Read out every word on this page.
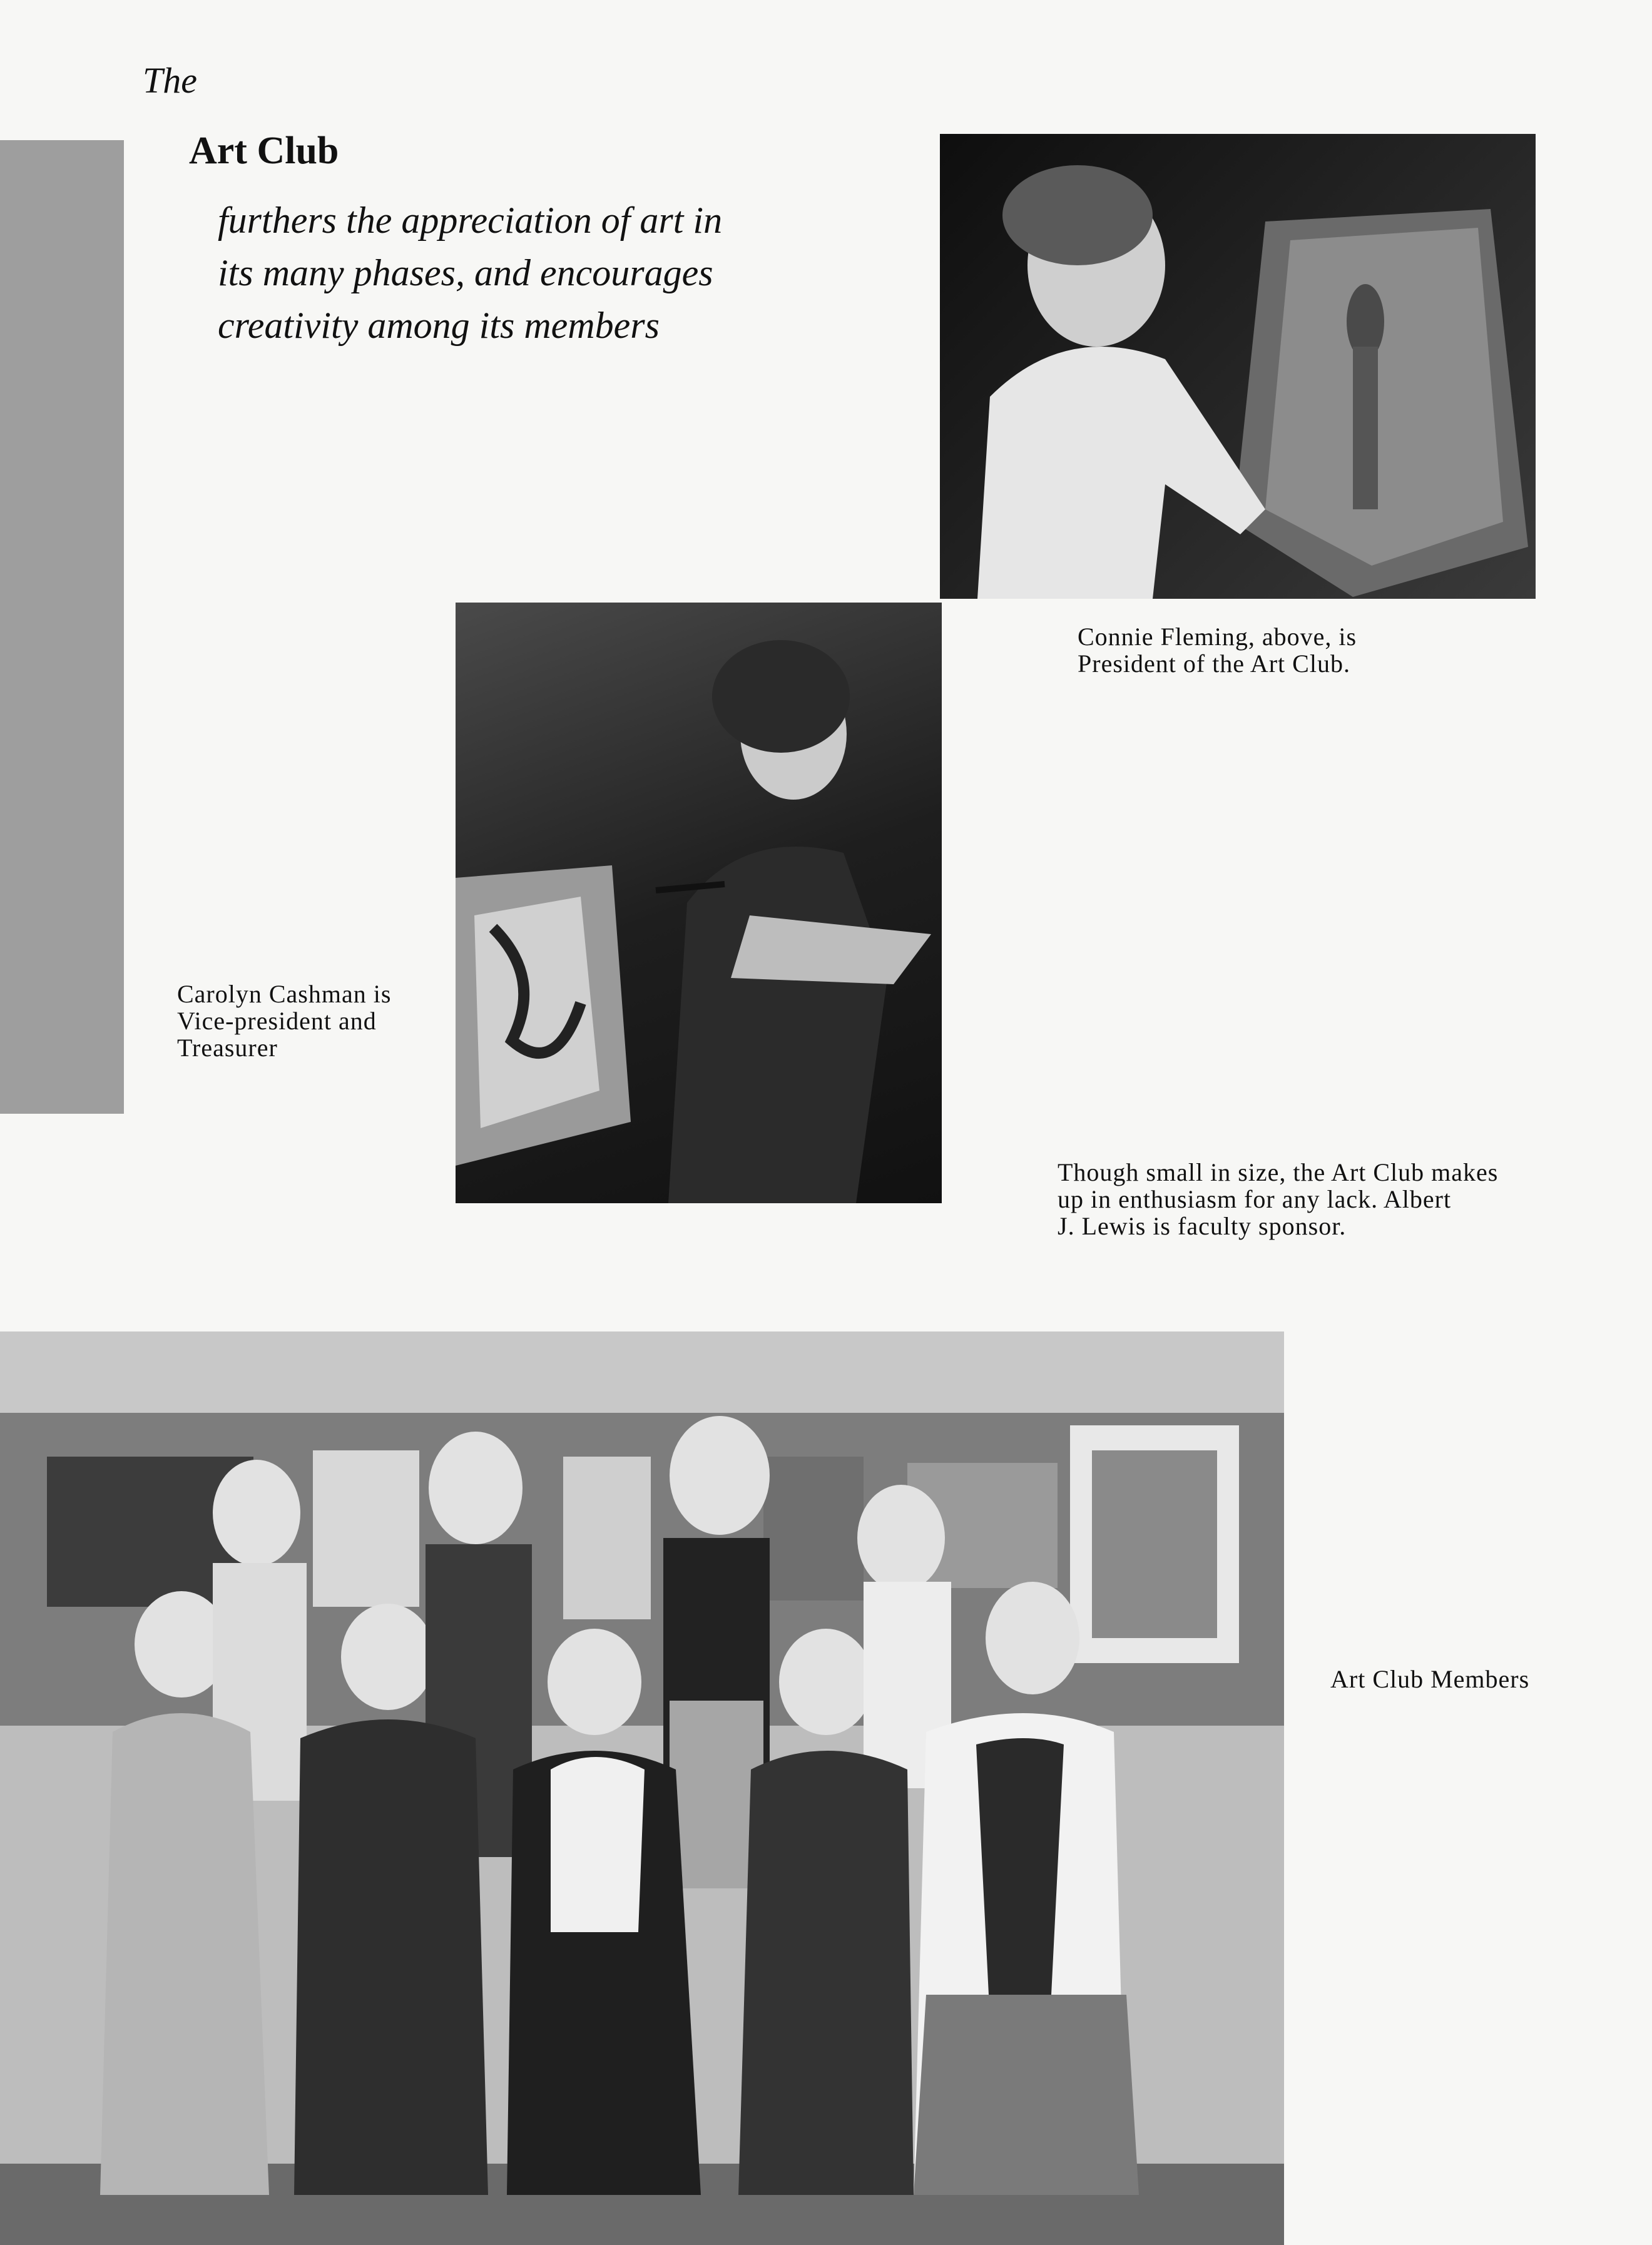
The
Art Club
furthers the appreciation of art in
its many phases, and encourages
creativity among its members
Connie Fleming, above, is
President of the Art Club.
Carolyn Cashman is
Vice-president and
Treasurer
Though small in size, the Art Club makes
up in enthusiasm for any lack. Albert
J. Lewis is faculty sponsor.
Art Club Members
